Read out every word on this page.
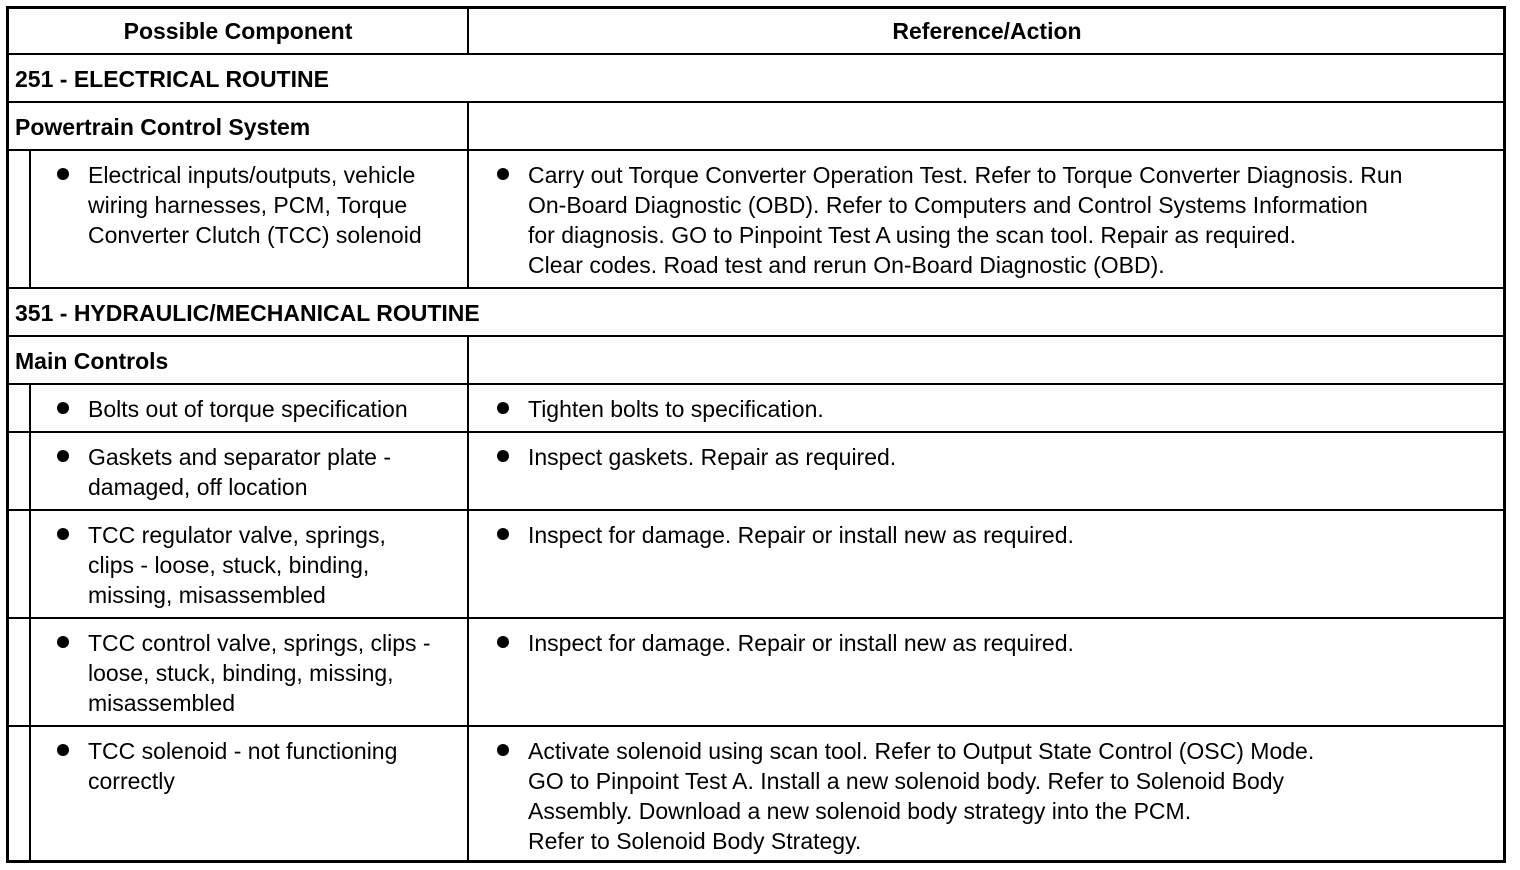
Possible Component	Reference/Action
251 - ELECTRICAL ROUTINE
Powertrain Control System
Electrical inputs/outputs, vehicle
wiring harnesses, PCM, Torque
Converter Clutch (TCC) solenoid
Carry out Torque Converter Operation Test. Refer to Torque Converter Diagnosis. Run
On-Board Diagnostic (OBD). Refer to Computers and Control Systems Information
for diagnosis. GO to Pinpoint Test A using the scan tool. Repair as required.
Clear codes. Road test and rerun On-Board Diagnostic (OBD).
351 - HYDRAULIC/MECHANICAL ROUTINE
Main Controls
Bolts out of torque specification	Tighten bolts to specification.
Gaskets and separator plate -
damaged, off location
Inspect gaskets. Repair as required.
TCC regulator valve, springs,
clips - loose, stuck, binding,
missing, misassembled
Inspect for damage. Repair or install new as required.
TCC control valve, springs, clips -
loose, stuck, binding, missing,
misassembled
Inspect for damage. Repair or install new as required.
TCC solenoid - not functioning
correctly
Activate solenoid using scan tool. Refer to Output State Control (OSC) Mode.
GO to Pinpoint Test A. Install a new solenoid body. Refer to Solenoid Body
Assembly. Download a new solenoid body strategy into the PCM.
Refer to Solenoid Body Strategy.
